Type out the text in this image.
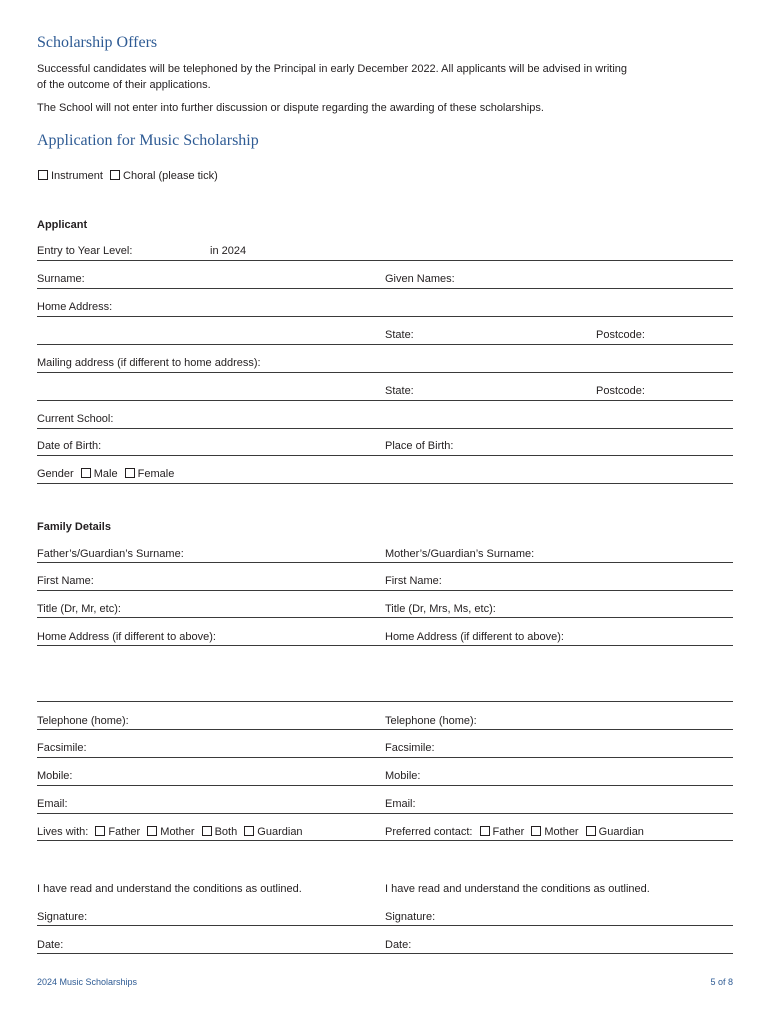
Scholarship Offers
Successful candidates will be telephoned by the Principal in early December 2022. All applicants will be advised in writing
of the outcome of their applications.
The School will not enter into further discussion or dispute regarding the awarding of these scholarships.
Application for Music Scholarship
Instrument Choral (please tick)
Applicant
Entry to Year Level:	in 2024
Surname:	Given Names:
Home Address:
State:	Postcode:
Mailing address (if different to home address):
State:	Postcode:
Current School:
Date of Birth:	Place of Birth:
Gender Male Female
Family Details
Father’s/Guardian’s Surname:	Mother’s/Guardian’s Surname:
First Name:	First Name:
Title (Dr, Mr, etc):	Title (Dr, Mrs, Ms, etc):
Home Address (if different to above):	Home Address (if different to above):
Telephone (home):	Telephone (home):
Facsimile:	Facsimile:
Mobile:	Mobile:
Email:	Email:
Lives with: Father Mother Both Guardian	Preferred contact: Father Mother Guardian
I have read and understand the conditions as outlined.	I have read and understand the conditions as outlined.
Signature:	Signature:
Date:	Date:
2024 Music Scholarships	5 of 8
